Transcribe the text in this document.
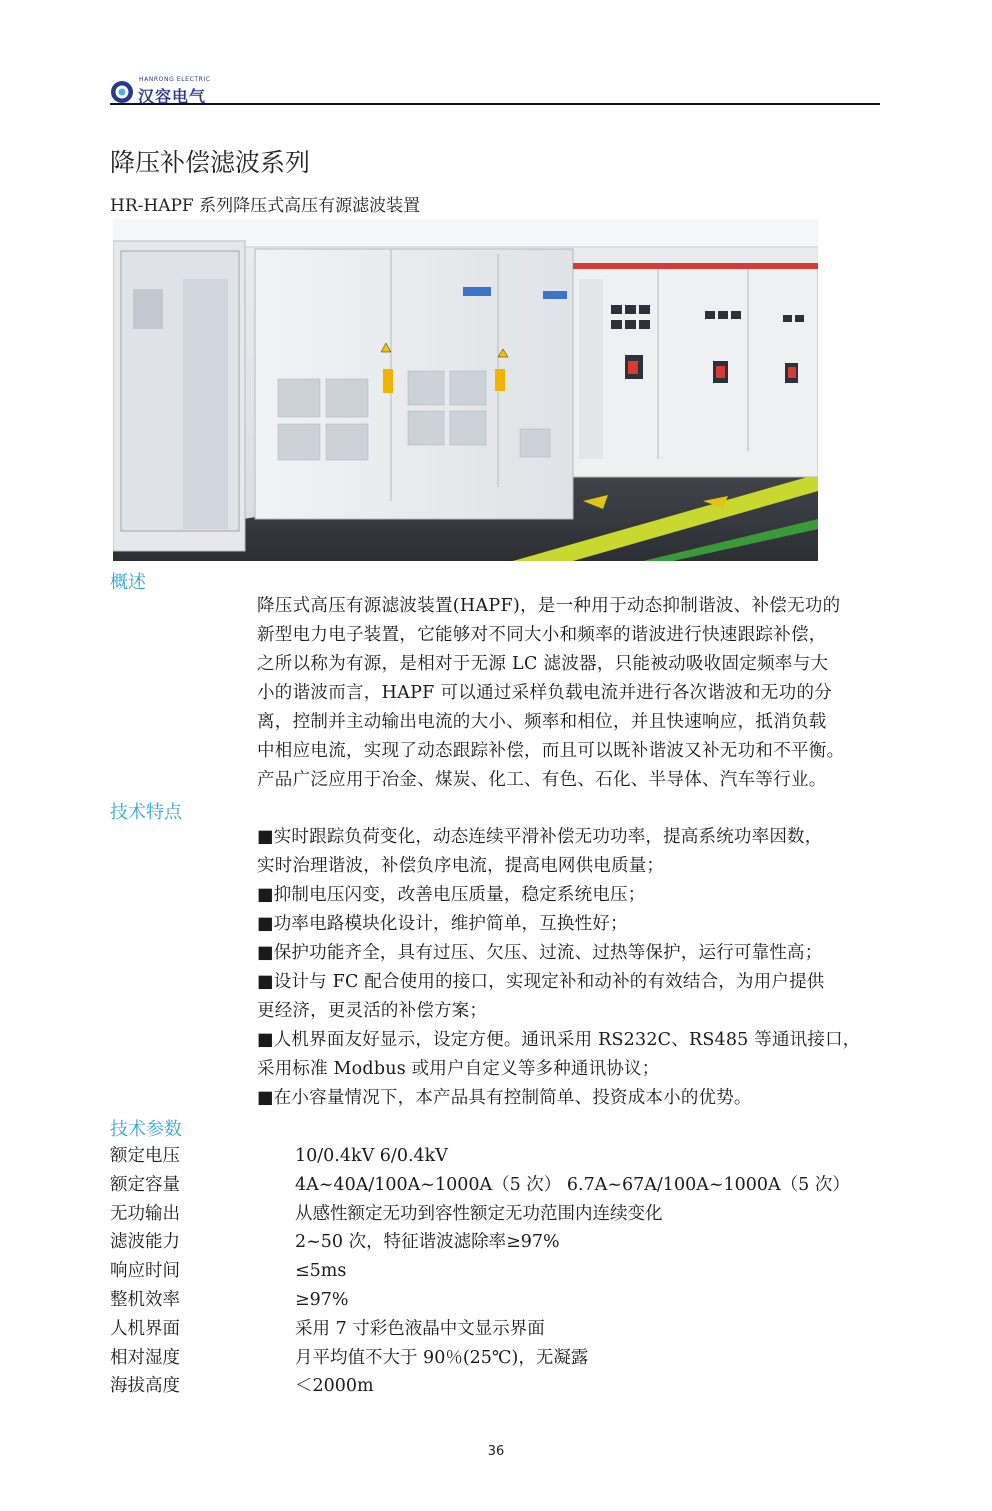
HANRONG ELECTRIC
汉容电气
降压补偿滤波系列
HR-HAPF 系列降压式高压有源滤波装置
概述
降压式高压有源滤波装置(HAPF)，是一种用于动态抑制谐波、补偿无功的
新型电力电子装置，它能够对不同大小和频率的谐波进行快速跟踪补偿，
之所以称为有源，是相对于无源 LC 滤波器，只能被动吸收固定频率与大
小的谐波而言，HAPF 可以通过采样负载电流并进行各次谐波和无功的分
离，控制并主动输出电流的大小、频率和相位，并且快速响应，抵消负载
中相应电流，实现了动态跟踪补偿，而且可以既补谐波又补无功和不平衡。
产品广泛应用于冶金、煤炭、化工、有色、石化、半导体、汽车等行业。
技术特点
■实时跟踪负荷变化，动态连续平滑补偿无功功率，提高系统功率因数，
实时治理谐波，补偿负序电流，提高电网供电质量；
■抑制电压闪变，改善电压质量，稳定系统电压；
■功率电路模块化设计，维护简单，互换性好；
■保护功能齐全，具有过压、欠压、过流、过热等保护，运行可靠性高；
■设计与 FC 配合使用的接口，实现定补和动补的有效结合，为用户提供
更经济，更灵活的补偿方案；
■人机界面友好显示，设定方便。通讯采用 RS232C、RS485 等通讯接口，
采用标准 Modbus 或用户自定义等多种通讯协议；
■在小容量情况下，本产品具有控制简单、投资成本小的优势。
技术参数
额定电压	10/0.4kV 6/0.4kV
额定容量	4A~40A/100A~1000A（5 次） 6.7A~67A/100A~1000A（5 次）
无功输出	从感性额定无功到容性额定无功范围内连续变化
滤波能力	2~50 次，特征谐波滤除率≥97%
响应时间	≤5ms
整机效率	≥97%
人机界面	采用 7 寸彩色液晶中文显示界面
相对湿度	月平均值不大于 90％(25℃)，无凝露
海拔高度	＜2000m
36
